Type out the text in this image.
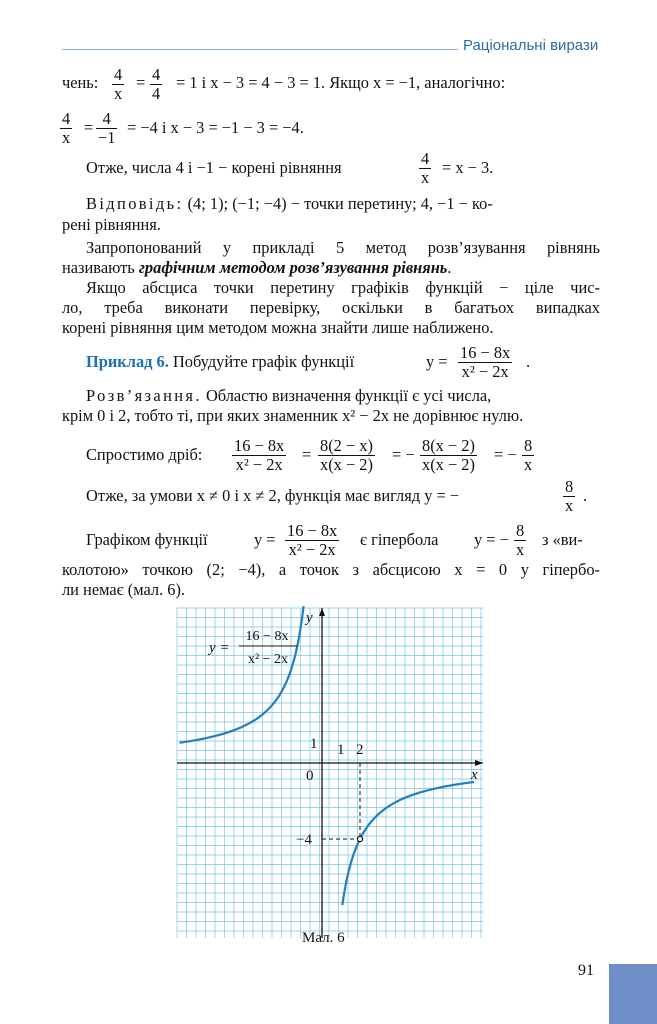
Раціональні вирази
чень: $\frac{4}{x} = \frac{4}{4} = 1$ і x − 3 = 4 − 3 = 1. Якщо x = −1, аналогічно:
$\frac{4}{x} = \frac{4}{-1} = -4$ і x − 3 = −1 − 3 = −4.
Отже, числа 4 і −1 − корені рівняння	$\frac{4}{x} = x - 3$.
Відповідь: (4; 1); (−1; −4) − точки перетину; 4, −1 − ко-
рені рівняння.
Запропонований у прикладі 5 метод розв’язування рівнянь
називають графічним методом розв’язування рівнянь.
Якщо абсциса точки перетину графіків функцій − ціле чис-
ло, треба виконати перевірку, оскільки в багатьох випадках
корені рівняння цим методом можна знайти лише наближено.
Приклад 6. Побудуйте графік функції	$y = \frac{16 - 8x}{\text{x² − 2x}}$ .
Розв’язання. Областю визначення функції є усі числа,
крім 0 і 2, тобто ті, при яких знаменник x² − 2x не дорівнює нулю.
Спростимо дріб: $\frac{16 - 8x}{\text{x² − 2x}} = \frac{8(2 - x)}{x(x - 2)}$ = − $\frac{8(x - 2)}{x(x - 2)}$ = − $\frac{8}{x}$
Отже, за умови x ≠ 0 і x ≠ 2, функція має вигляд y = −	$\frac{8}{x}$ .
Графіком функції	$y = \frac{16 - 8x}{\text{x² − 2x}}$ є гіпербола y = − $\frac{8}{x}$ з «ви-
колотою» точкою (2; −4), а точок з абсцисою x = 0 у гіпербо-
ли немає (мал. 6).
y
x
0
1 1 2
−4
y =
16 − 8x
x² − 2x
Мал. 6
91
